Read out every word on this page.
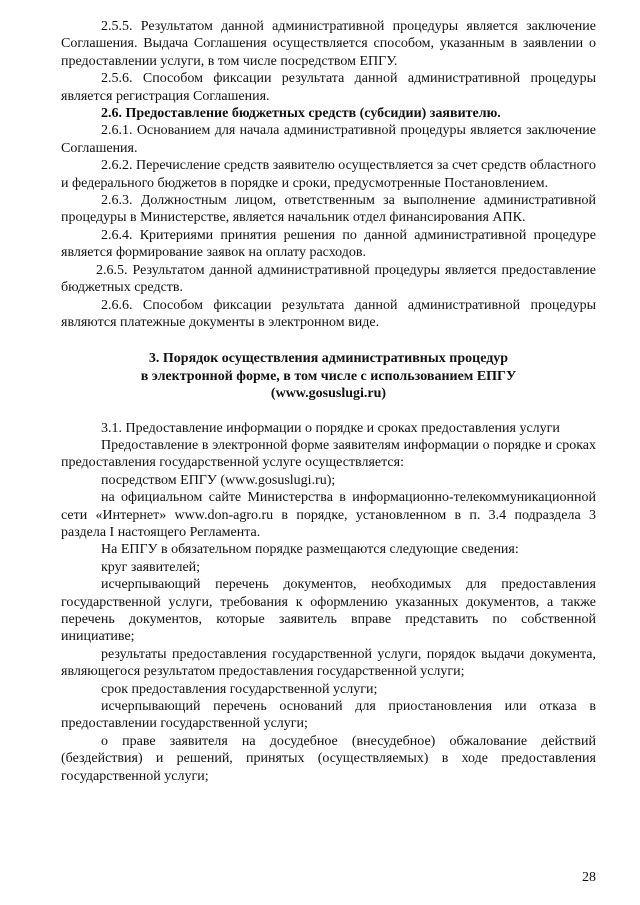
2.5.5. Результатом данной административной процедуры является заключение Соглашения. Выдача Соглашения осуществляется способом, указанным в заявлении о предоставлении услуги, в том числе посредством ЕПГУ.

2.5.6. Способом фиксации результата данной административной процедуры является регистрация Соглашения.

2.6. Предоставление бюджетных средств (субсидии) заявителю.

2.6.1. Основанием для начала административной процедуры является заключение Соглашения.

2.6.2. Перечисление средств заявителю осуществляется за счет средств областного и федерального бюджетов в порядке и сроки, предусмотренные Постановлением.

2.6.3. Должностным лицом, ответственным за выполнение административной процедуры в Министерстве, является начальник отдел финансирования АПК.

2.6.4. Критериями принятия решения по данной административной процедуре является формирование заявок на оплату расходов.

2.6.5. Результатом данной административной процедуры является предоставление бюджетных средств.

2.6.6. Способом фиксации результата данной административной процедуры являются платежные документы в электронном виде.

3. Порядок осуществления административных процедур

в электронной форме, в том числе с использованием ЕПГУ

(www.gosuslugi.ru)

3.1. Предоставление информации о порядке и сроках предоставления услуги

Предоставление в электронной форме заявителям информации о порядке и сроках предоставления государственной услуге осуществляется:

посредством ЕПГУ (www.gosuslugi.ru);

на официальном сайте Министерства в информационно-телекоммуникационной сети «Интернет» www.don-agro.ru в порядке, установленном в п. 3.4 подраздела 3 раздела I настоящего Регламента.

На ЕПГУ в обязательном порядке размещаются следующие сведения:

круг заявителей;

исчерпывающий перечень документов, необходимых для предоставления государственной услуги, требования к оформлению указанных документов, а также перечень документов, которые заявитель вправе представить по собственной инициативе;

результаты предоставления государственной услуги, порядок выдачи документа, являющегося результатом предоставления государственной услуги;

срок предоставления государственной услуги;

исчерпывающий перечень оснований для приостановления или отказа в предоставлении государственной услуги;

о праве заявителя на досудебное (внесудебное) обжалование действий (бездействия) и решений, принятых (осуществляемых) в ходе предоставления государственной услуги;

28
